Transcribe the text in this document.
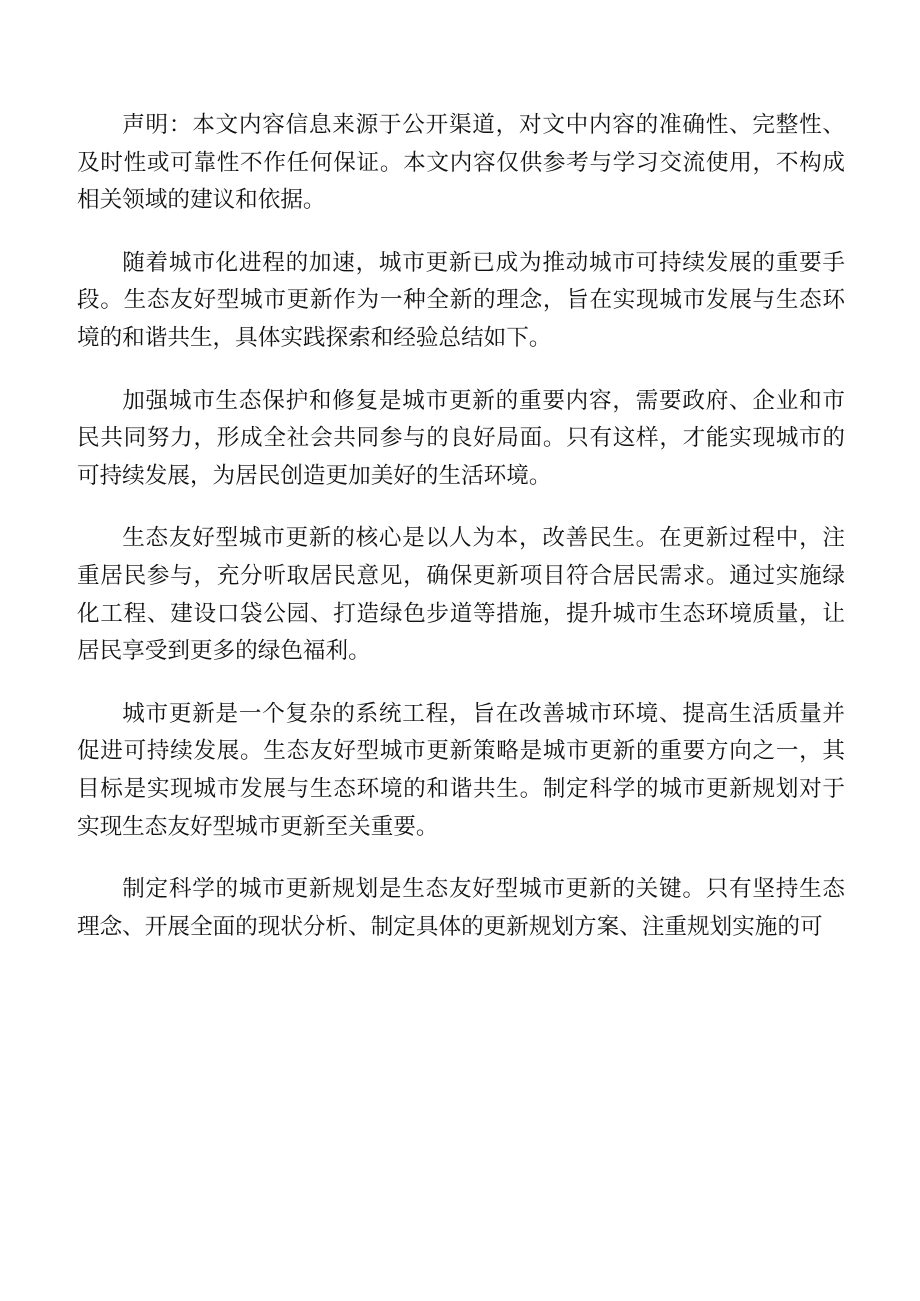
声明：本文内容信息来源于公开渠道，对文中内容的准确性、完整性、及时性或可靠性不作任何保证。本文内容仅供参考与学习交流使用，不构成相关领域的建议和依据。

随着城市化进程的加速，城市更新已成为推动城市可持续发展的重要手段。生态友好型城市更新作为一种全新的理念，旨在实现城市发展与生态环境的和谐共生，具体实践探索和经验总结如下。

加强城市生态保护和修复是城市更新的重要内容，需要政府、企业和市民共同努力，形成全社会共同参与的良好局面。只有这样，才能实现城市的可持续发展，为居民创造更加美好的生活环境。

生态友好型城市更新的核心是以人为本，改善民生。在更新过程中，注重居民参与，充分听取居民意见，确保更新项目符合居民需求。通过实施绿化工程、建设口袋公园、打造绿色步道等措施，提升城市生态环境质量，让居民享受到更多的绿色福利。

城市更新是一个复杂的系统工程，旨在改善城市环境、提高生活质量并促进可持续发展。生态友好型城市更新策略是城市更新的重要方向之一，其目标是实现城市发展与生态环境的和谐共生。制定科学的城市更新规划对于实现生态友好型城市更新至关重要。

制定科学的城市更新规划是生态友好型城市更新的关键。只有坚持生态理念、开展全面的现状分析、制定具体的更新规划方案、注重规划实施的可
